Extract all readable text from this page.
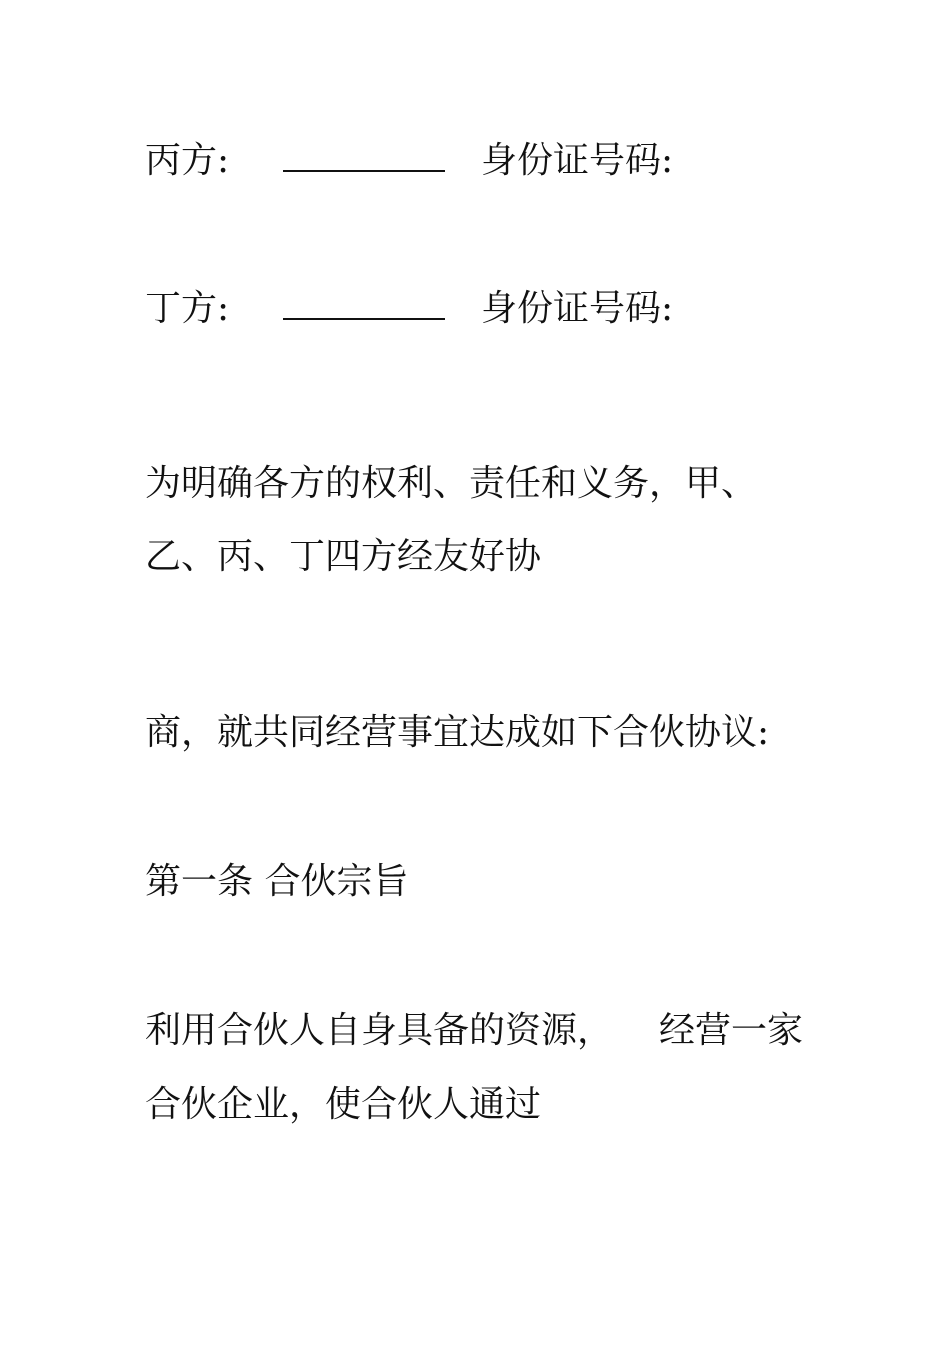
丙方:	身份证号码:

丁方:	身份证号码:

为明确各方的权利、责任和义务，甲、

乙、丙、丁四方经友好协

商，就共同经营事宜达成如下合伙协议:

第一条 合伙宗旨

利用合伙人自身具备的资源， 经营一家

合伙企业，使合伙人通过
